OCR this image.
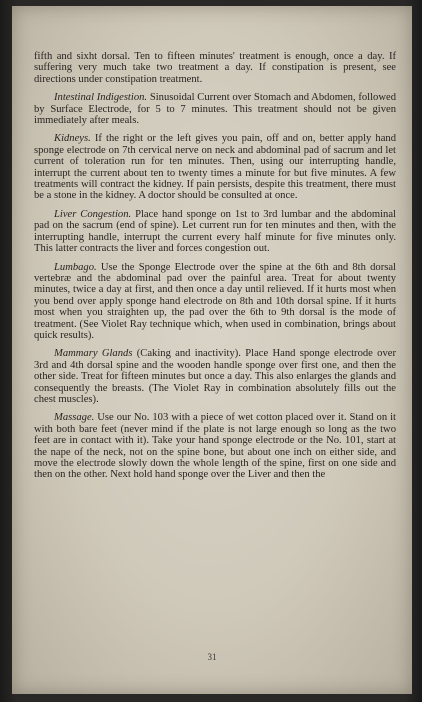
fifth and sixht dorsal. Ten to fifteen minutes' treatment is enough, once a day. If suffering very much take two treatment a day. If constipation is present, see directions under constipation treatment.

Intestinal Indigestion. Sinusoidal Current over Stomach and Abdomen, followed by Surface Electrode, for 5 to 7 minutes. This treatment should not be given immediately after meals.

Kidneys. If the right or the left gives you pain, off and on, better apply hand sponge electrode on 7th cervical nerve on neck and abdominal pad of sacrum and let current of toleration run for ten minutes. Then, using our interrupting handle, interrupt the current about ten to twenty times a minute for but five minutes. A few treatments will contract the kidney. If pain persists, despite this treatment, there must be a stone in the kidney. A doctor should be consulted at once.

Liver Congestion. Place hand sponge on 1st to 3rd lumbar and the abdominal pad on the sacrum (end of spine). Let current run for ten minutes and then, with the interrupting handle, interrupt the current every half minute for five minutes only. This latter contracts the liver and forces congestion out.

Lumbago. Use the Sponge Electrode over the spine at the 6th and 8th dorsal vertebræ and the abdominal pad over the painful area. Treat for about twenty minutes, twice a day at first, and then once a day until relieved. If it hurts most when you bend over apply sponge hand electrode on 8th and 10th dorsal spine. If it hurts most when you straighten up, the pad over the 6th to 9th dorsal is the mode of treatment. (See Violet Ray technique which, when used in combination, brings about quick results).

Mammary Glands (Caking and inactivity). Place Hand sponge electrode over 3rd and 4th dorsal spine and the wooden handle sponge over first one, and then the other side. Treat for fifteen minutes but once a day. This also enlarges the glands and consequently the breasts. (The Violet Ray in combination absolutely fills out the chest muscles).

Massage. Use our No. 103 with a piece of wet cotton placed over it. Stand on it with both bare feet (never mind if the plate is not large enough so long as the two feet are in contact with it). Take your hand sponge electrode or the No. 101, start at the nape of the neck, not on the spine bone, but about one inch on either side, and move the electrode slowly down the whole length of the spine, first on one side and then on the other. Next hold hand sponge over the Liver and then the

31
